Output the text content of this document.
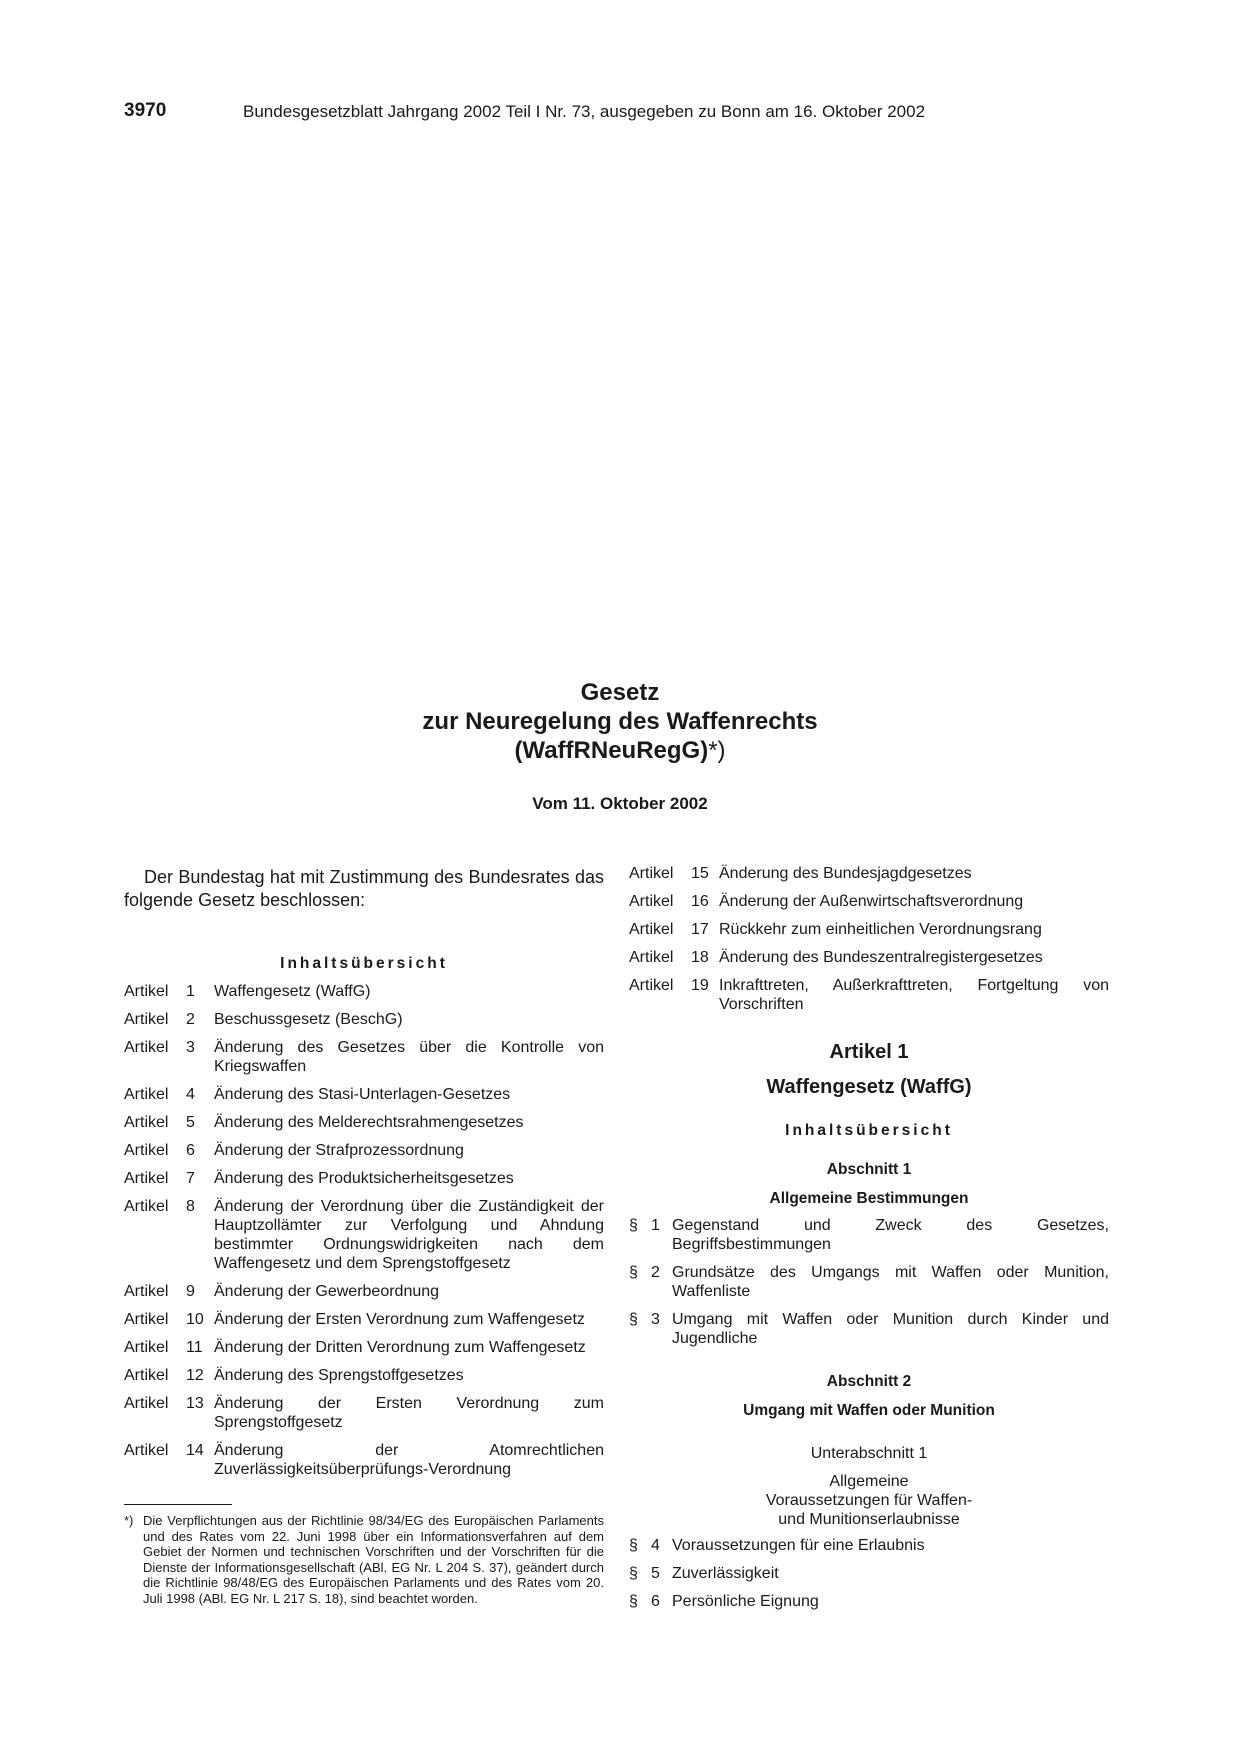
3970	Bundesgesetzblatt Jahrgang 2002 Teil I Nr. 73, ausgegeben zu Bonn am 16. Oktober 2002
Gesetz
zur Neuregelung des Waffenrechts
(WaffRNeuRegG)*)
Vom 11. Oktober 2002

Der Bundestag hat mit Zustimmung des Bundesrates das folgende Gesetz beschlossen:

Inhaltsübersicht
Artikel 1	Waffengesetz (WaffG)
Artikel 2	Beschussgesetz (BeschG)
Artikel 3	Änderung des Gesetzes über die Kontrolle von Kriegswaffen
Artikel 4	Änderung des Stasi-Unterlagen-Gesetzes
Artikel 5	Änderung des Melderechtsrahmengesetzes
Artikel 6	Änderung der Strafprozessordnung
Artikel 7	Änderung des Produktsicherheitsgesetzes
Artikel 8	Änderung der Verordnung über die Zuständigkeit der Hauptzollämter zur Verfolgung und Ahndung bestimmter Ordnungswidrigkeiten nach dem Waffengesetz und dem Sprengstoffgesetz
Artikel 9	Änderung der Gewerbeordnung
Artikel 10 Änderung der Ersten Verordnung zum Waffengesetz
Artikel 11 Änderung der Dritten Verordnung zum Waffengesetz
Artikel 12 Änderung des Sprengstoffgesetzes
Artikel 13 Änderung der Ersten Verordnung zum Sprengstoffgesetz
Artikel 14 Änderung der Atomrechtlichen Zuverlässigkeitsüberprüfungs-Verordnung
Artikel 15 Änderung des Bundesjagdgesetzes
Artikel 16 Änderung der Außenwirtschaftsverordnung
Artikel 17 Rückkehr zum einheitlichen Verordnungsrang
Artikel 18 Änderung des Bundeszentralregistergesetzes
Artikel 19 Inkrafttreten, Außerkrafttreten, Fortgeltung von Vorschriften
Artikel 1
Waffengesetz (WaffG)
Inhaltsübersicht
Abschnitt 1
Allgemeine Bestimmungen
§ 1 Gegenstand und Zweck des Gesetzes, Begriffsbestimmungen
§ 2 Grundsätze des Umgangs mit Waffen oder Munition, Waffenliste
§ 3 Umgang mit Waffen oder Munition durch Kinder und Jugendliche
Abschnitt 2
Umgang mit Waffen oder Munition
Unterabschnitt 1
Allgemeine
Voraussetzungen für Waffen-
und Munitionserlaubnisse
§ 4 Voraussetzungen für eine Erlaubnis
§ 5 Zuverlässigkeit
§ 6 Persönliche Eignung
*) Die Verpflichtungen aus der Richtlinie 98/34/EG des Europäischen Parlaments und des Rates vom 22. Juni 1998 über ein Informationsverfahren auf dem Gebiet der Normen und technischen Vorschriften und der Vorschriften für die Dienste der Informationsgesellschaft (ABl. EG Nr. L 204 S. 37), geändert durch die Richtlinie 98/48/EG des Europäischen Parlaments und des Rates vom 20. Juli 1998 (ABl. EG Nr. L 217 S. 18), sind beachtet worden.
